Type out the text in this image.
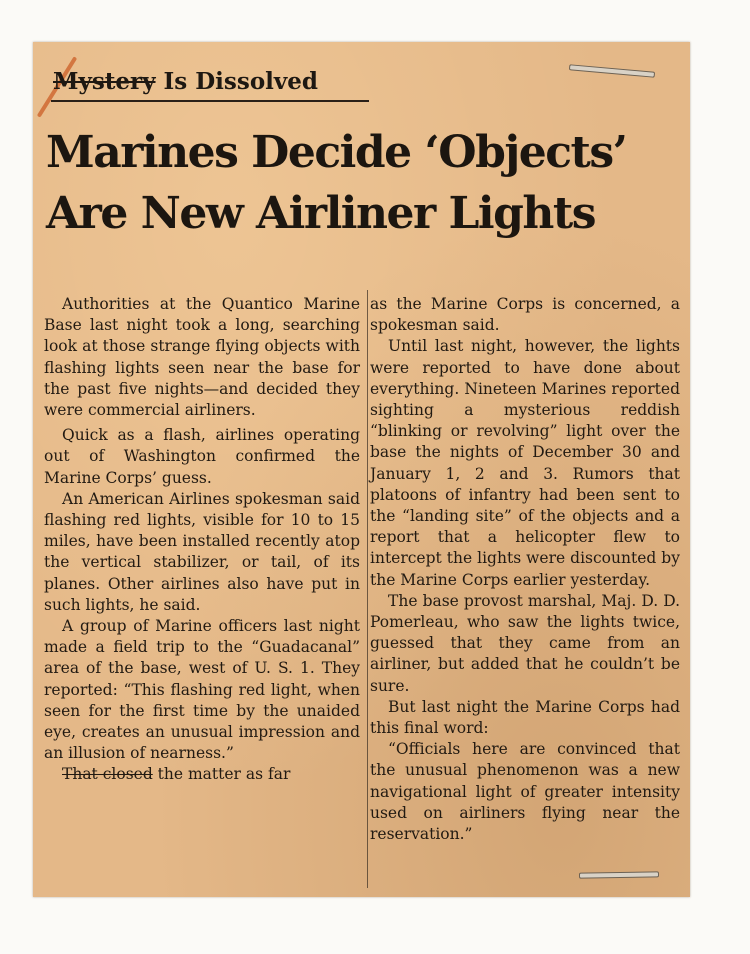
Mystery Is Dissolved
Marines Decide ‘Objects’
Are New Airliner Lights

Authorities at the Quantico Marine Base last night took a long, searching look at those strange flying objects with flashing lights seen near the base for the past five nights—and decided they were commercial airliners.

Quick as a flash, airlines operating out of Washington confirmed the Marine Corps’ guess.

An American Airlines spokesman said flashing red lights, visible for 10 to 15 miles, have been installed recently atop the vertical stabilizer, or tail, of its planes. Other airlines also have put in such lights, he said.

A group of Marine officers last night made a field trip to the “Guadacanal” area of the base, west of U. S. 1. They reported: “This flashing red light, when seen for the first time by the unaided eye, creates an unusual impression and an illusion of nearness.”

That closed the matter as far

as the Marine Corps is concerned, a spokesman said.

Until last night, however, the lights were reported to have done about everything. Nineteen Marines reported sighting a mysterious reddish “blinking or revolving” light over the base the nights of December 30 and January 1, 2 and 3. Rumors that platoons of infantry had been sent to the “landing site” of the objects and a report that a helicopter flew to intercept the lights were discounted by the Marine Corps earlier yesterday.

The base provost marshal, Maj. D. D. Pomerleau, who saw the lights twice, guessed that they came from an airliner, but added that he couldn’t be sure.

But last night the Marine Corps had this final word:

“Officials here are convinced that the unusual phenomenon was a new navigational light of greater intensity used on airliners flying near the reservation.”
